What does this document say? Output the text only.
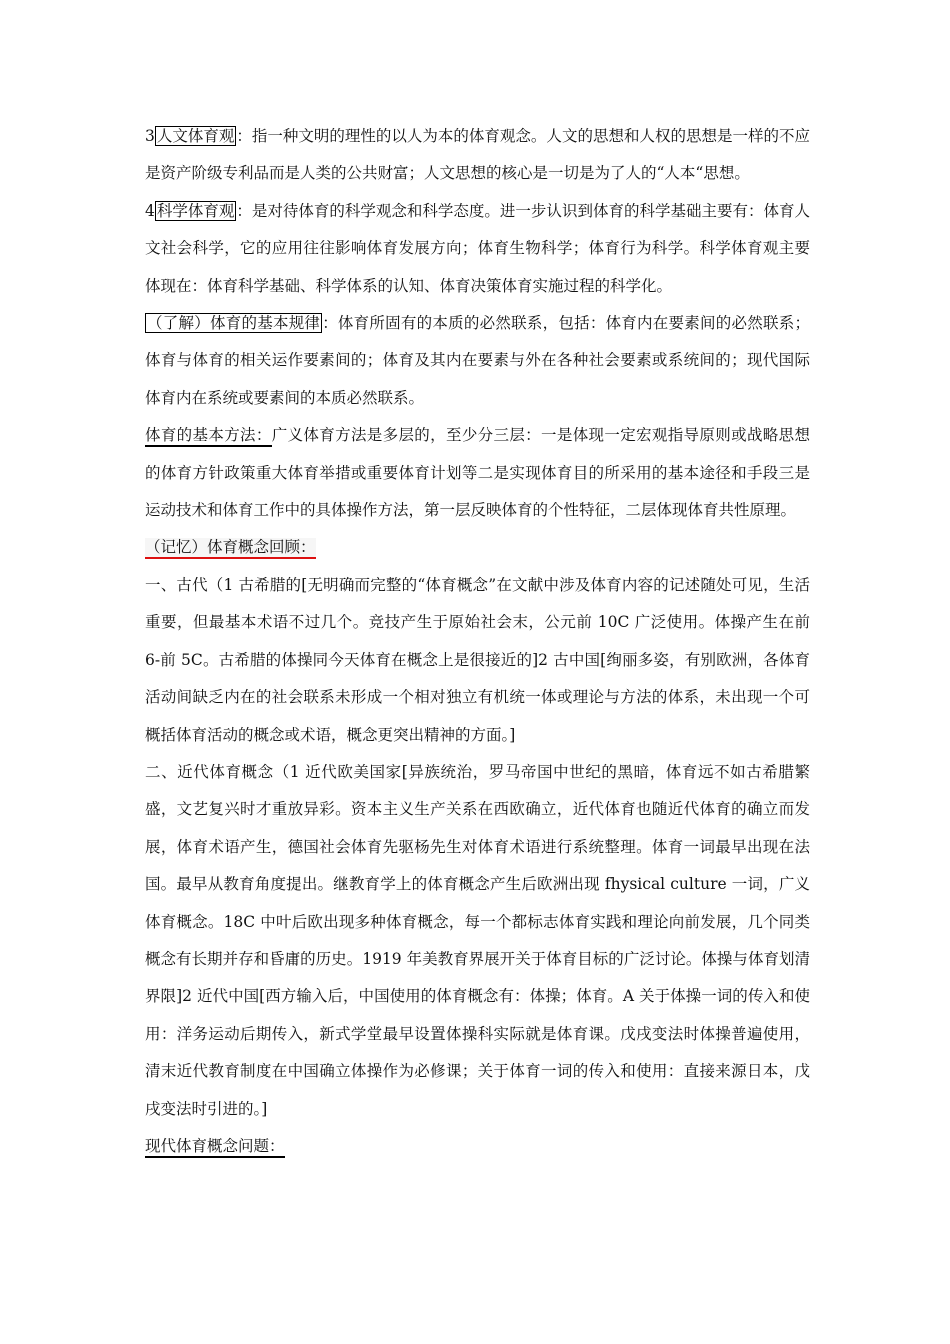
3 人文体育观 ：指一种文明的理性的以人为本的体育观念。人文的思想和人权的思想是一样的不应是资产阶级专利品而是人类的公共财富；人文思想的核心是一切是为了人的“人本“思想。

4 科学体育观 ：是对待体育的科学观念和科学态度。进一步认识到体育的科学基础主要有：体育人文社会科学，它的应用往往影响体育发展方向；体育生物科学；体育行为科学。科学体育观主要体现在：体育科学基础、科学体系的认知、体育决策体育实施过程的科学化。

（了解）体育的基本规律 ：体育所固有的本质的必然联系，包括：体育内在要素间的必然联系；体育与体育的相关运作要素间的；体育及其内在要素与外在各种社会要素或系统间的；现代国际体育内在系统或要素间的本质必然联系。

体育的基本方法：广义体育方法是多层的，至少分三层：一是体现一定宏观指导原则或战略思想的体育方针政策重大体育举措或重要体育计划等二是实现体育目的所采用的基本途径和手段三是运动技术和体育工作中的具体操作方法，第一层反映体育的个性特征，二层体现体育共性原理。

（记忆）体育概念回顾：

一、古代（1 古希腊的[无明确而完整的“体育概念”在文献中涉及体育内容的记述随处可见，生活重要，但最基本术语不过几个。竞技产生于原始社会末，公元前 10C 广泛使用。体操产生在前 6-前 5C。古希腊的体操同今天体育在概念上是很接近的]2 古中国[绚丽多姿，有别欧洲，各体育活动间缺乏内在的社会联系未形成一个相对独立有机统一体或理论与方法的体系，未出现一个可概括体育活动的概念或术语，概念更突出精神的方面。]

二、近代体育概念（1 近代欧美国家[异族统治，罗马帝国中世纪的黑暗，体育远不如古希腊繁盛，文艺复兴时才重放异彩。资本主义生产关系在西欧确立，近代体育也随近代体育的确立而发展，体育术语产生，德国社会体育先驱杨先生对体育术语进行系统整理。体育一词最早出现在法国。最早从教育角度提出。继教育学上的体育概念产生后欧洲出现 fhysical culture 一词，广义体育概念。18C 中叶后欧出现多种体育概念，每一个都标志体育实践和理论向前发展，几个同类概念有长期并存和昏庸的历史。1919 年美教育界展开关于体育目标的广泛讨论。体操与体育划清界限]2 近代中国[西方输入后，中国使用的体育概念有：体操；体育。A 关于体操一词的传入和使用：洋务运动后期传入，新式学堂最早设置体操科实际就是体育课。戊戌变法时体操普遍使用，清末近代教育制度在中国确立体操作为必修课；关于体育一词的传入和使用：直接来源日本，戊戌变法时引进的。]

现代体育概念问题：
